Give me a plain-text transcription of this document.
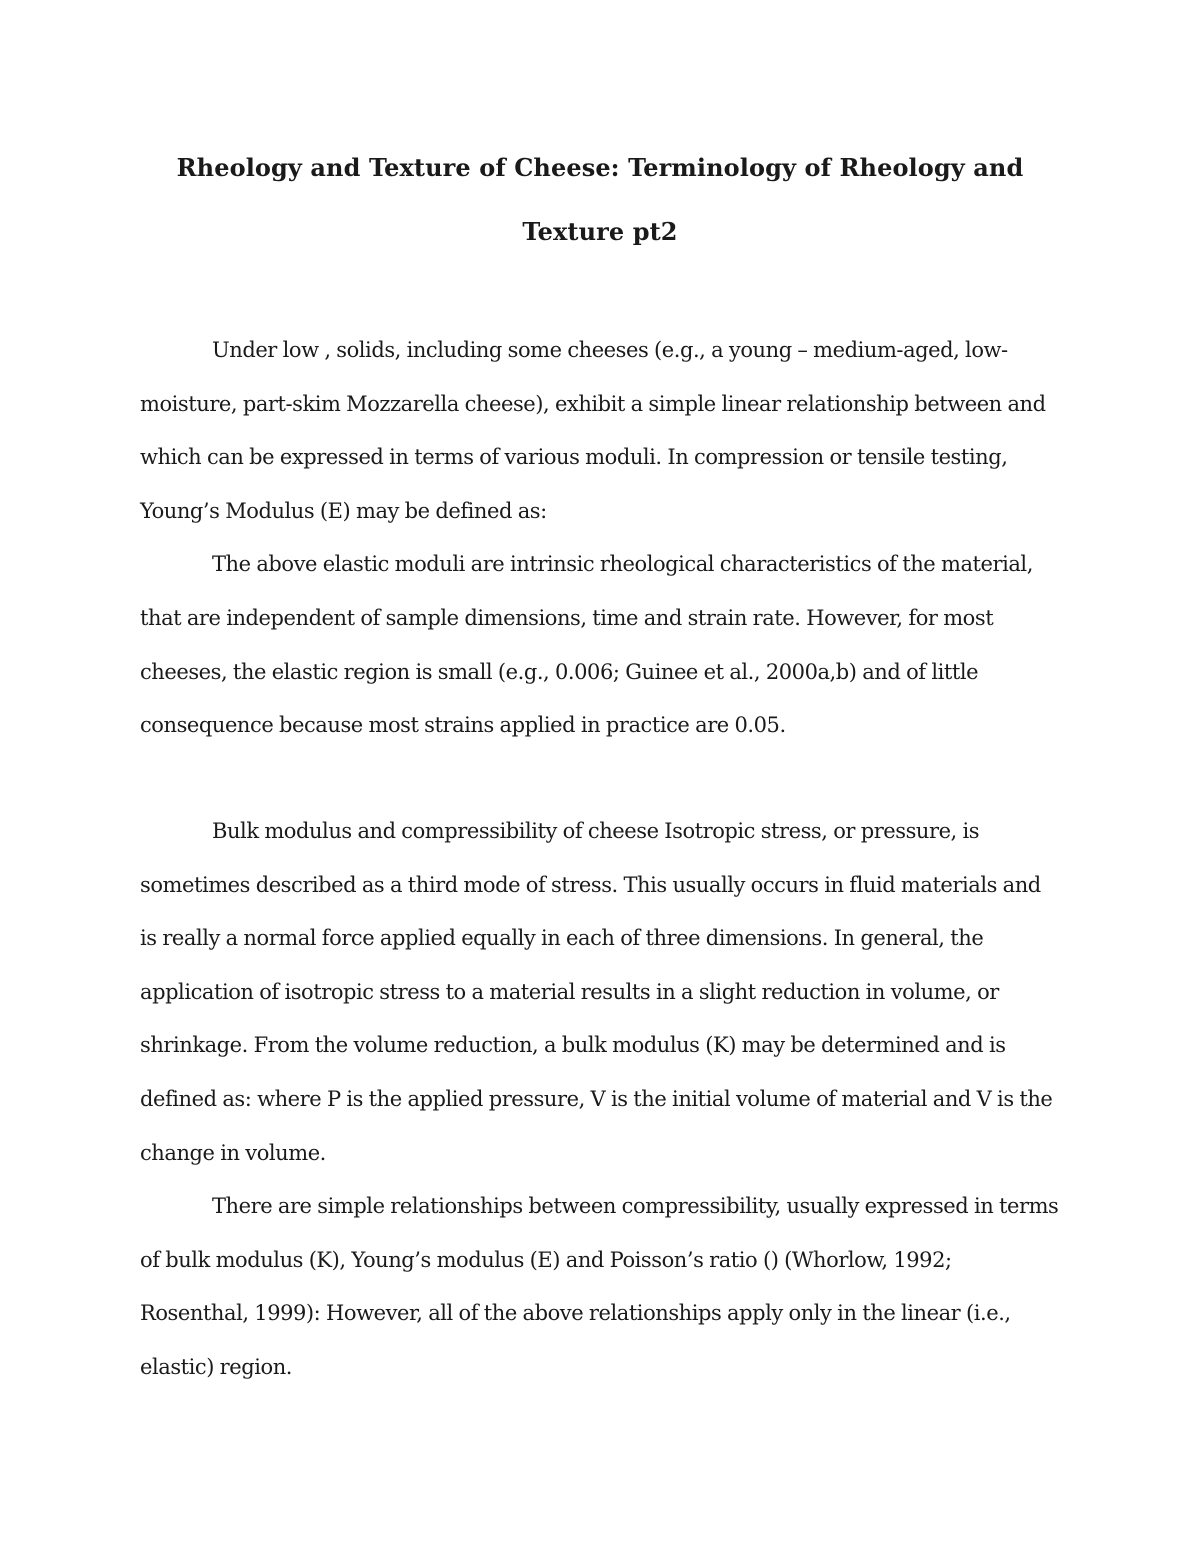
Rheology and Texture of Cheese: Terminology of Rheology and Texture pt2

Under low , solids, including some cheeses (e.g., a young – medium-aged, low-moisture, part-skim Mozzarella cheese), exhibit a simple linear relationship between and which can be expressed in terms of various moduli. In compression or tensile testing, Young’s Modulus (E) may be defined as:

The above elastic moduli are intrinsic rheological characteristics of the material, that are independent of sample dimensions, time and strain rate. However, for most cheeses, the elastic region is small (e.g., 0.006; Guinee et al., 2000a,b) and of little consequence because most strains applied in practice are 0.05.

Bulk modulus and compressibility of cheese Isotropic stress, or pressure, is sometimes described as a third mode of stress. This usually occurs in fluid materials and is really a normal force applied equally in each of three dimensions. In general, the application of isotropic stress to a material results in a slight reduction in volume, or shrinkage. From the volume reduction, a bulk modulus (K) may be determined and is defined as: where P is the applied pressure, V is the initial volume of material and V is the change in volume.

There are simple relationships between compressibility, usually expressed in terms of bulk modulus (K), Young’s modulus (E) and Poisson’s ratio () (Whorlow, 1992; Rosenthal, 1999): However, all of the above relationships apply only in the linear (i.e., elastic) region.
